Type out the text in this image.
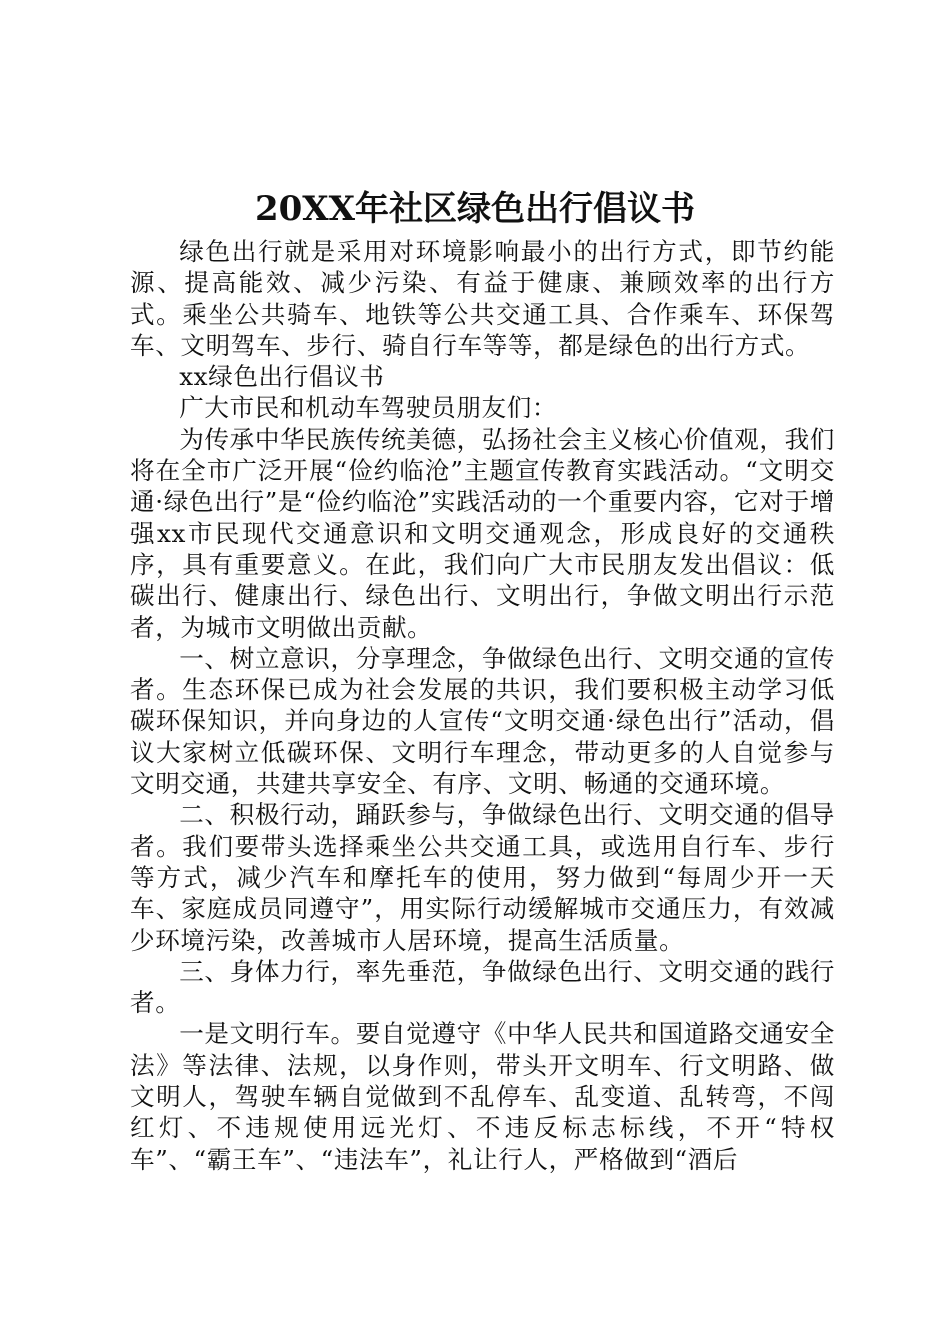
20XX年社区绿色出行倡议书

绿色出行就是采用对环境影响最小的出行方式，即节约能源、提高能效、减少污染、有益于健康、兼顾效率的出行方式。乘坐公共骑车、地铁等公共交通工具、合作乘车、环保驾车、文明驾车、步行、骑自行车等等，都是绿色的出行方式。

xx绿色出行倡议书

广大市民和机动车驾驶员朋友们：

为传承中华民族传统美德，弘扬社会主义核心价值观，我们将在全市广泛开展“俭约临沧”主题宣传教育实践活动。“文明交通·绿色出行”是“俭约临沧”实践活动的一个重要内容，它对于增强xx市民现代交通意识和文明交通观念，形成良好的交通秩序，具有重要意义。在此，我们向广大市民朋友发出倡议：低碳出行、健康出行、绿色出行、文明出行，争做文明出行示范者，为城市文明做出贡献。

一、树立意识，分享理念，争做绿色出行、文明交通的宣传者。生态环保已成为社会发展的共识，我们要积极主动学习低碳环保知识，并向身边的人宣传“文明交通·绿色出行”活动，倡议大家树立低碳环保、文明行车理念，带动更多的人自觉参与文明交通，共建共享安全、有序、文明、畅通的交通环境。

二、积极行动，踊跃参与，争做绿色出行、文明交通的倡导者。我们要带头选择乘坐公共交通工具，或选用自行车、步行等方式，减少汽车和摩托车的使用，努力做到“每周少开一天车、家庭成员同遵守”，用实际行动缓解城市交通压力，有效减少环境污染，改善城市人居环境，提高生活质量。

三、身体力行，率先垂范，争做绿色出行、文明交通的践行者。

一是文明行车。要自觉遵守《中华人民共和国道路交通安全法》等法律、法规，以身作则，带头开文明车、行文明路、做文明人，驾驶车辆自觉做到不乱停车、乱变道、乱转弯，不闯红灯、不违规使用远光灯、不违反标志标线，不开“特权车”、“霸王车”、“违法车”，礼让行人，严格做到“酒后
